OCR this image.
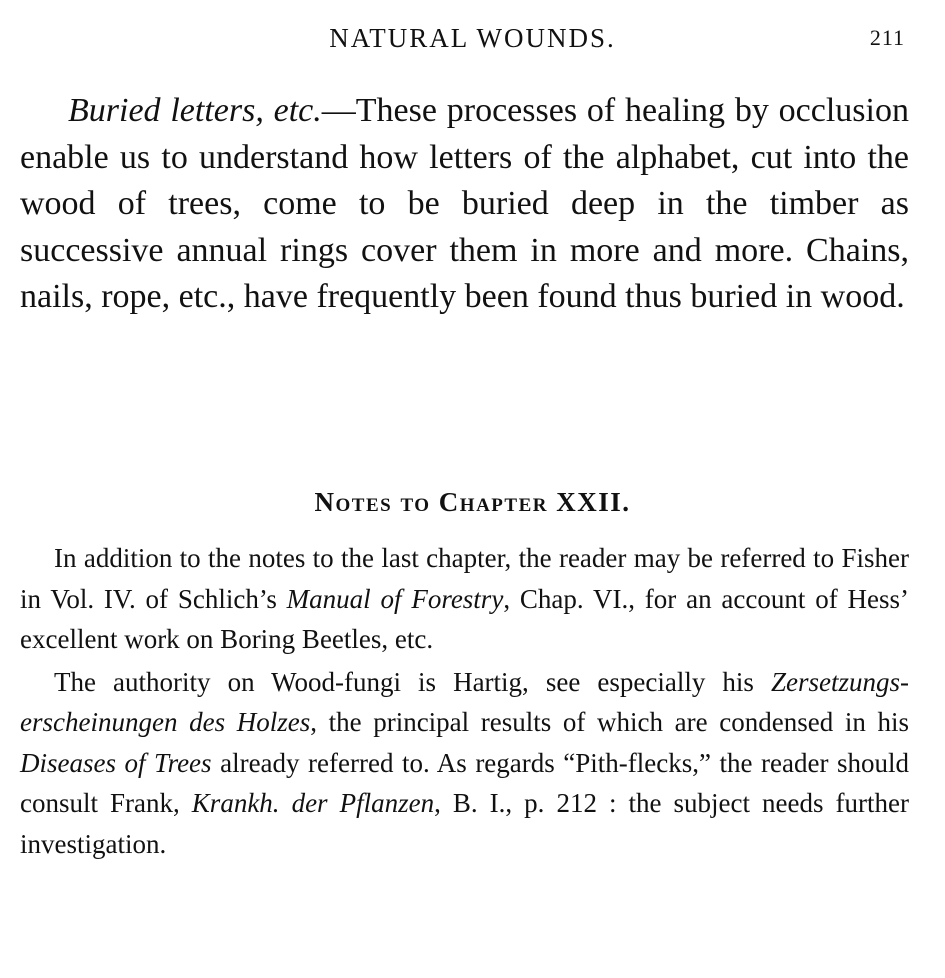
NATURAL WOUNDS.	211

Buried letters, etc.—These processes of healing by occlusion enable us to understand how letters of the alphabet, cut into the wood of trees, come to be buried deep in the timber as successive annual rings cover them in more and more. Chains, nails, rope, etc., have frequently been found thus buried in wood.

Notes to Chapter XXII.

In addition to the notes to the last chapter, the reader may be referred to Fisher in Vol. IV. of Schlich’s Manual of Forestry, Chap. VI., for an account of Hess’ excellent work on Boring Beetles, etc.

The authority on Wood-fungi is Hartig, see especially his Zersetzungs-erscheinungen des Holzes, the principal results of which are condensed in his Diseases of Trees already referred to. As regards “Pith-flecks,” the reader should consult Frank, Krankh. der Pflanzen, B. I., p. 212 : the subject needs further investigation.
